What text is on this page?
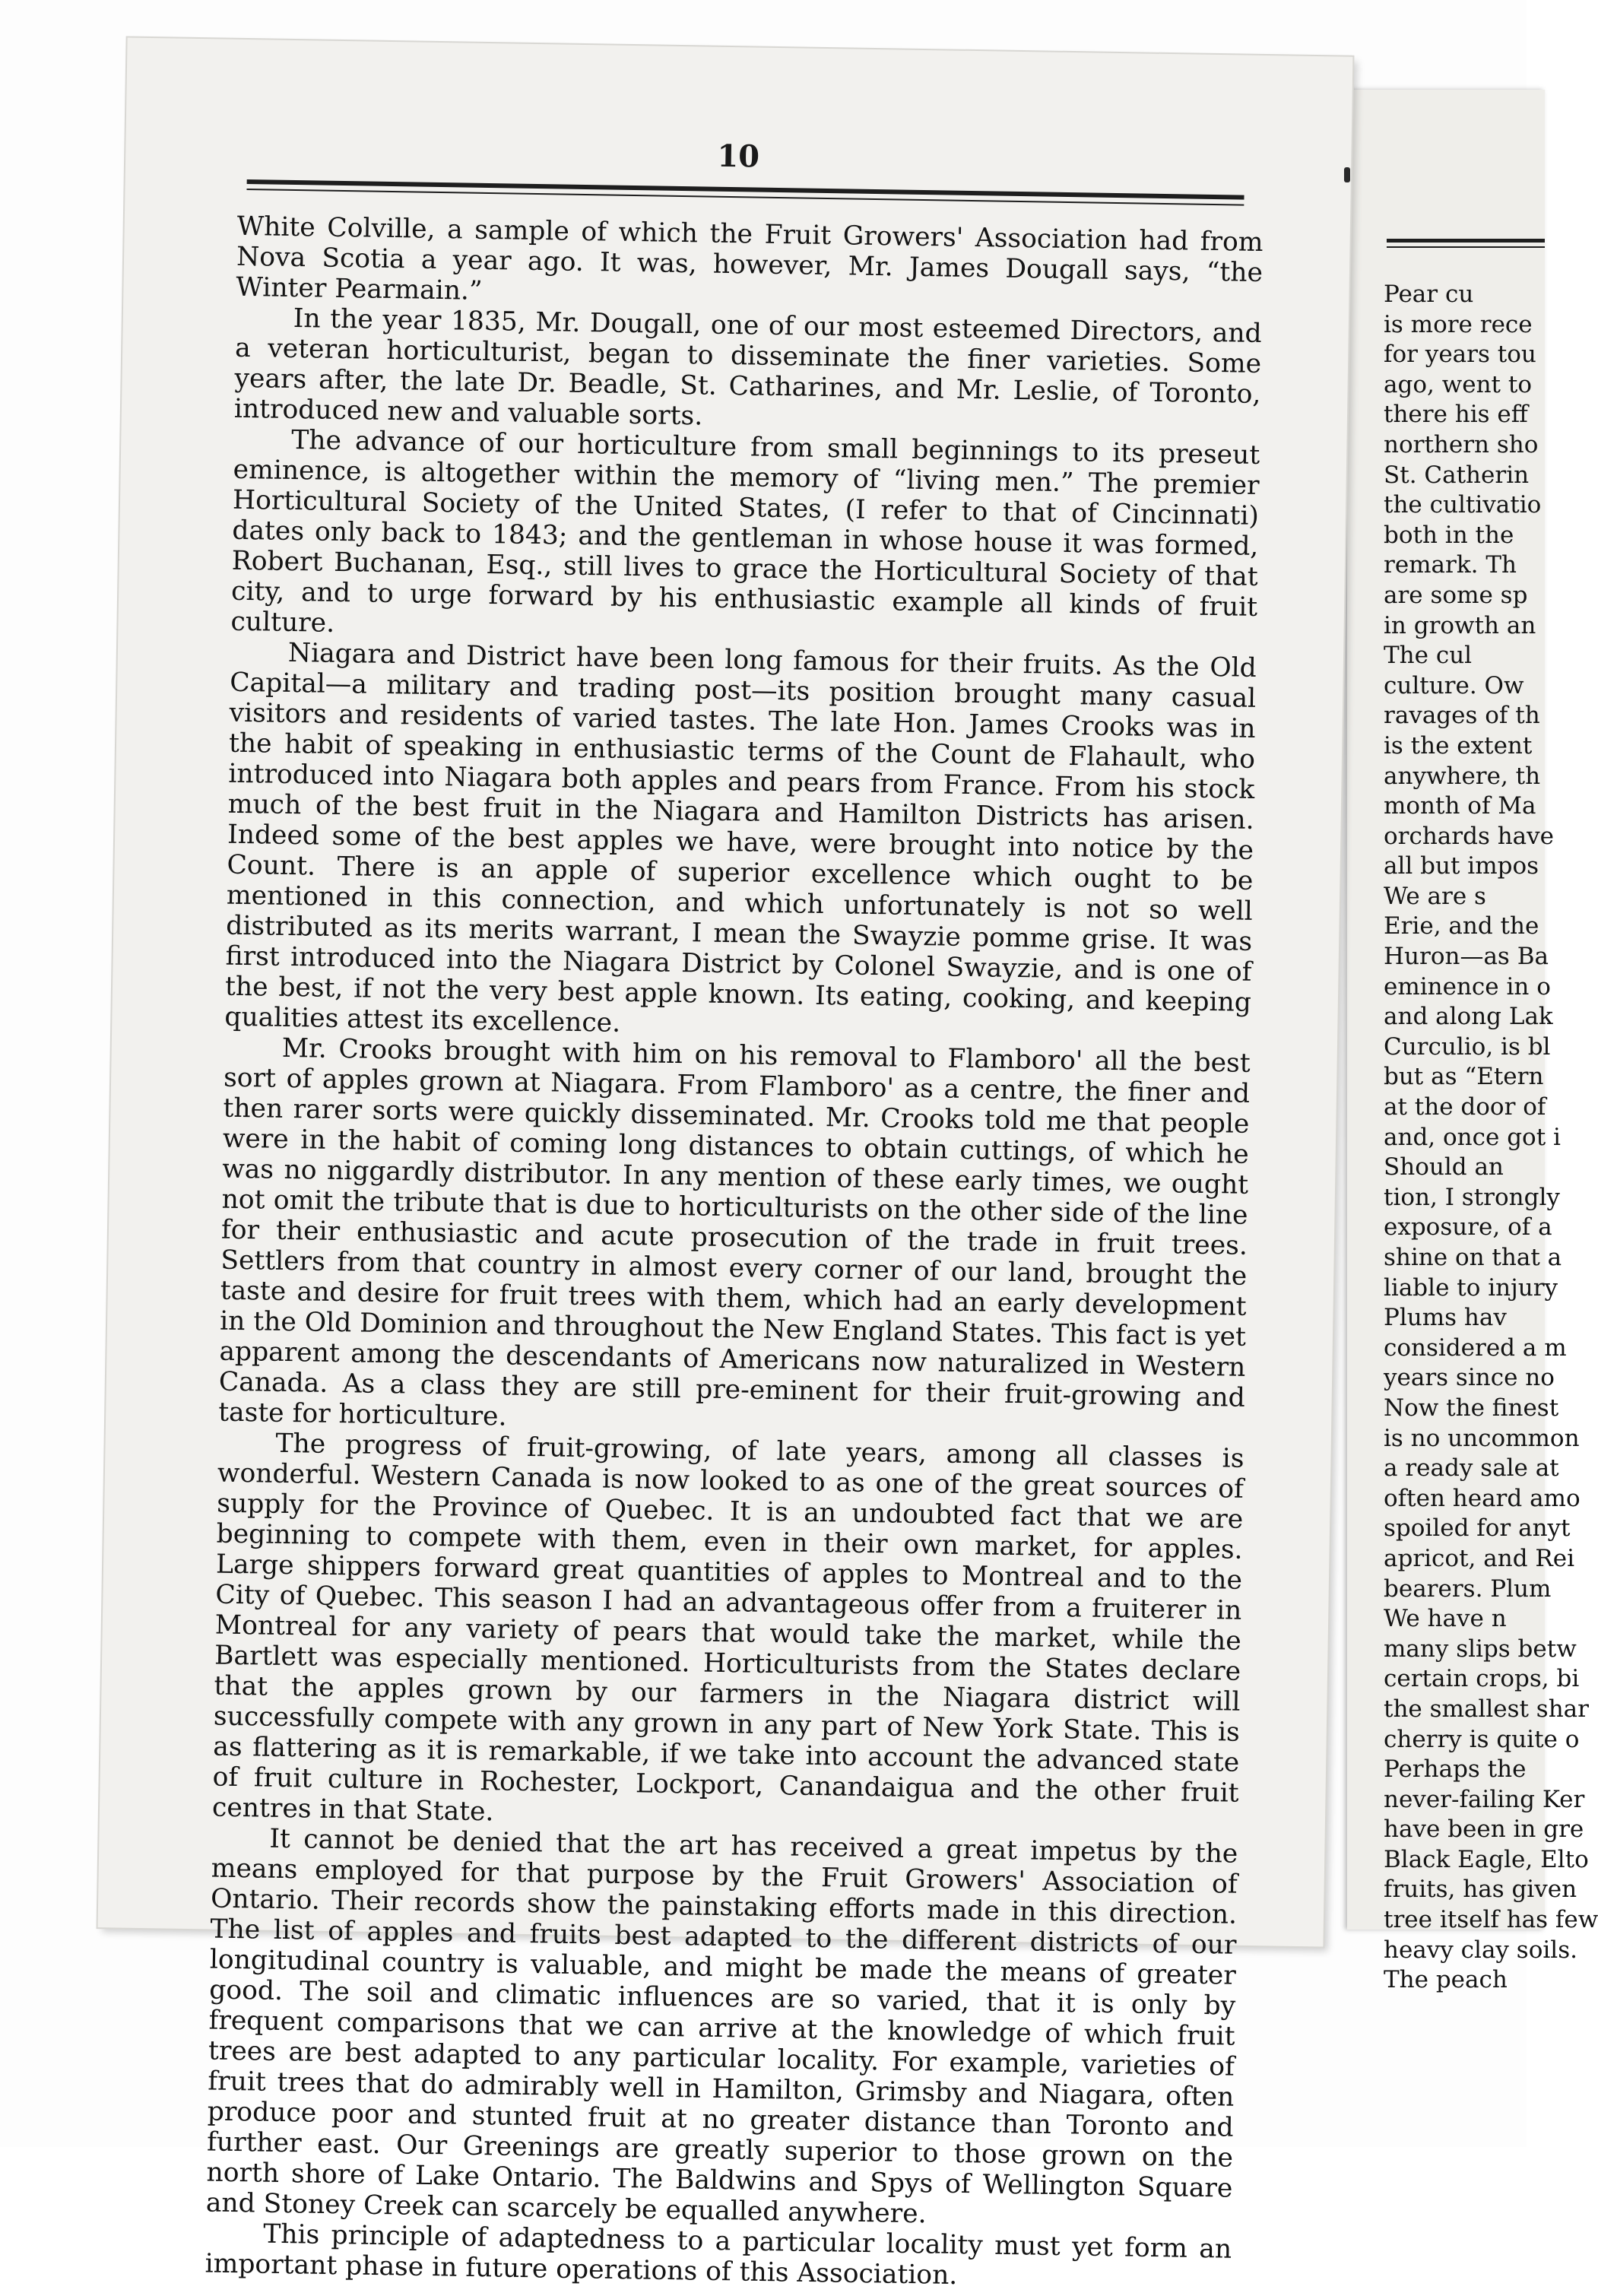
Pear cu
is more rece
for years tou
ago, went to
there his eff
northern sho
St. Catherin
the cultivatio
both in the
remark. Th
are some sp
in growth an
The cul
culture. Ow
ravages of th
is the extent
anywhere, th
month of Ma
orchards have
all but impos
We are s
Erie, and the
Huron—as Ba
eminence in o
and along Lak
Curculio, is bl
but as “Etern
at the door of
and, once got i
Should an
tion, I strongly
exposure, of a
shine on that a
liable to injury
Plums hav
considered a m
years since no
Now the finest
is no uncommon
a ready sale at
often heard amo
spoiled for anyt
apricot, and Rei
bearers. Plum
We have n
many slips betw
certain crops, bi
the smallest shar
cherry is quite o
Perhaps the
never-failing Ker
have been in gre
Black Eagle, Elto
fruits, has given
tree itself has few
heavy clay soils.
The peach
10

White Colville, a sample of which the Fruit Growers' Association had from Nova Scotia a year ago. It was, however, Mr. James Dougall says, “the Winter Pearmain.”

In the year 1835, Mr. Dougall, one of our most esteemed Directors, and a veteran horticulturist, began to disseminate the finer varieties. Some years after, the late Dr. Beadle, St. Catharines, and Mr. Leslie, of Toronto, introduced new and valuable sorts.

The advance of our horticulture from small beginnings to its preseut eminence, is altogether within the memory of “living men.” The premier Horticultural Society of the United States, (I refer to that of Cincinnati) dates only back to 1843; and the gentleman in whose house it was formed, Robert Buchanan, Esq., still lives to grace the Horticultural Society of that city, and to urge forward by his enthusiastic example all kinds of fruit culture.

Niagara and District have been long famous for their fruits. As the Old Capital—a military and trading post—its position brought many casual visitors and residents of varied tastes. The late Hon. James Crooks was in the habit of speaking in enthusiastic terms of the Count de Flahault, who introduced into Niagara both apples and pears from France. From his stock much of the best fruit in the Niagara and Hamilton Districts has arisen. Indeed some of the best apples we have, were brought into notice by the Count. There is an apple of superior excellence which ought to be mentioned in this connection, and which unfortunately is not so well distributed as its merits warrant, I mean the Swayzie pomme grise. It was first introduced into the Niagara District by Colonel Swayzie, and is one of the best, if not the very best apple known. Its eating, cooking, and keeping qualities attest its excellence.

Mr. Crooks brought with him on his removal to Flamboro' all the best sort of apples grown at Niagara. From Flamboro' as a centre, the finer and then rarer sorts were quickly disseminated. Mr. Crooks told me that people were in the habit of coming long distances to obtain cuttings, of which he was no niggardly distributor. In any mention of these early times, we ought not omit the tribute that is due to horticulturists on the other side of the line for their enthusiastic and acute prosecution of the trade in fruit trees. Settlers from that country in almost every corner of our land, brought the taste and desire for fruit trees with them, which had an early development in the Old Dominion and throughout the New England States. This fact is yet apparent among the descendants of Americans now naturalized in Western Canada. As a class they are still pre-eminent for their fruit-growing and taste for horticulture.

The progress of fruit-growing, of late years, among all classes is wonderful. Western Canada is now looked to as one of the great sources of supply for the Province of Quebec. It is an undoubted fact that we are beginning to compete with them, even in their own market, for apples. Large shippers forward great quantities of apples to Montreal and to the City of Quebec. This season I had an advantageous offer from a fruiterer in Montreal for any variety of pears that would take the market, while the Bartlett was especially mentioned. Horticulturists from the States declare that the apples grown by our farmers in the Niagara district will successfully compete with any grown in any part of New York State. This is as flattering as it is remarkable, if we take into account the advanced state of fruit culture in Rochester, Lockport, Canandaigua and the other fruit centres in that State.

It cannot be denied that the art has received a great impetus by the means employed for that purpose by the Fruit Growers' Association of Ontario. Their records show the painstaking efforts made in this direction. The list of apples and fruits best adapted to the different districts of our longitudinal country is valuable, and might be made the means of greater good. The soil and climatic influences are so varied, that it is only by frequent comparisons that we can arrive at the knowledge of which fruit trees are best adapted to any particular locality. For example, varieties of fruit trees that do admirably well in Hamilton, Grimsby and Niagara, often produce poor and stunted fruit at no greater distance than Toronto and further east. Our Greenings are greatly superior to those grown on the north shore of Lake Ontario. The Baldwins and Spys of Wellington Square and Stoney Creek can scarcely be equalled anywhere.

This principle of adaptedness to a particular locality must yet form an important phase in future operations of this Association.
